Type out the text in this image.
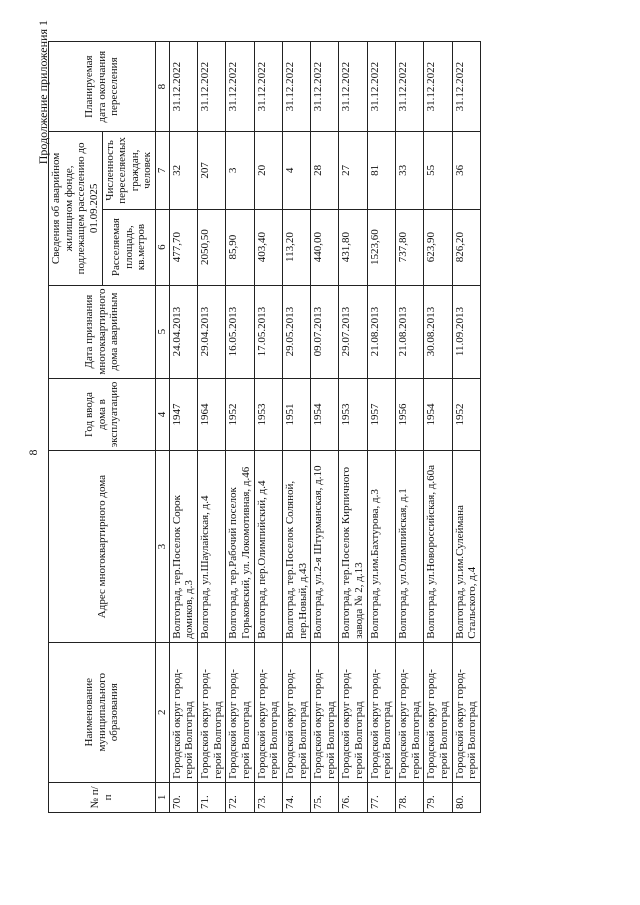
8
Продолжение приложения 1
№ п/п	Наименование муниципального образования	Адрес многоквартирного дома	Год ввода дома в эксплуатацию	Дата признания многоквартирного дома аварийным	Сведения об аварийном жилищном фонде, подлежащем расселению до 01.09.2025		Планируемая дата окончания переселения
					Расселяемая площадь, кв.метров	Численность переселяемых граждан, человек	
1	2	3	4	5	6	7	8
70.	Городской округ город-герой Волгоград	Волгоград, тер.Поселок Сорок домиков, д.3	1947	24.04.2013	477,70	32	31.12.2022
71.	Городской округ город-герой Волгоград	Волгоград, ул.Шаулайская, д.4	1964	29.04.2013	2050,50	207	31.12.2022
72.	Городской округ город-герой Волгоград	Волгоград, тер.Рабочий поселок Горьковский, ул. Локомотивная, д.46	1952	16.05.2013	85,90	3	31.12.2022
73.	Городской округ город-герой Волгоград	Волгоград, пер.Олимпийский, д.4	1953	17.05.2013	403,40	20	31.12.2022
74.	Городской округ город-герой Волгоград	Волгоград, тер.Поселок Соляной, пер.Новый, д.43	1951	29.05.2013	113,20	4	31.12.2022
75.	Городской округ город-герой Волгоград	Волгоград, ул.2-я Штурманская, д.10	1954	09.07.2013	440,00	28	31.12.2022
76.	Городской округ город-герой Волгоград	Волгоград, тер.Поселок Кирпичного завода № 2, д.13	1953	29.07.2013	431,80	27	31.12.2022
77.	Городской округ город-герой Волгоград	Волгоград, ул.им.Бахтурова, д.3	1957	21.08.2013	1523,60	81	31.12.2022
78.	Городской округ город-герой Волгоград	Волгоград, ул.Олимпийская, д.1	1956	21.08.2013	737,80	33	31.12.2022
79.	Городской округ город-герой Волгоград	Волгоград, ул.Новороссийская, д.60а	1954	30.08.2013	623,90	55	31.12.2022
80.	Городской округ город-герой Волгоград	Волгоград, ул.им.Сулеймана Стальского, д.4	1952	11.09.2013	826,20	36	31.12.2022
